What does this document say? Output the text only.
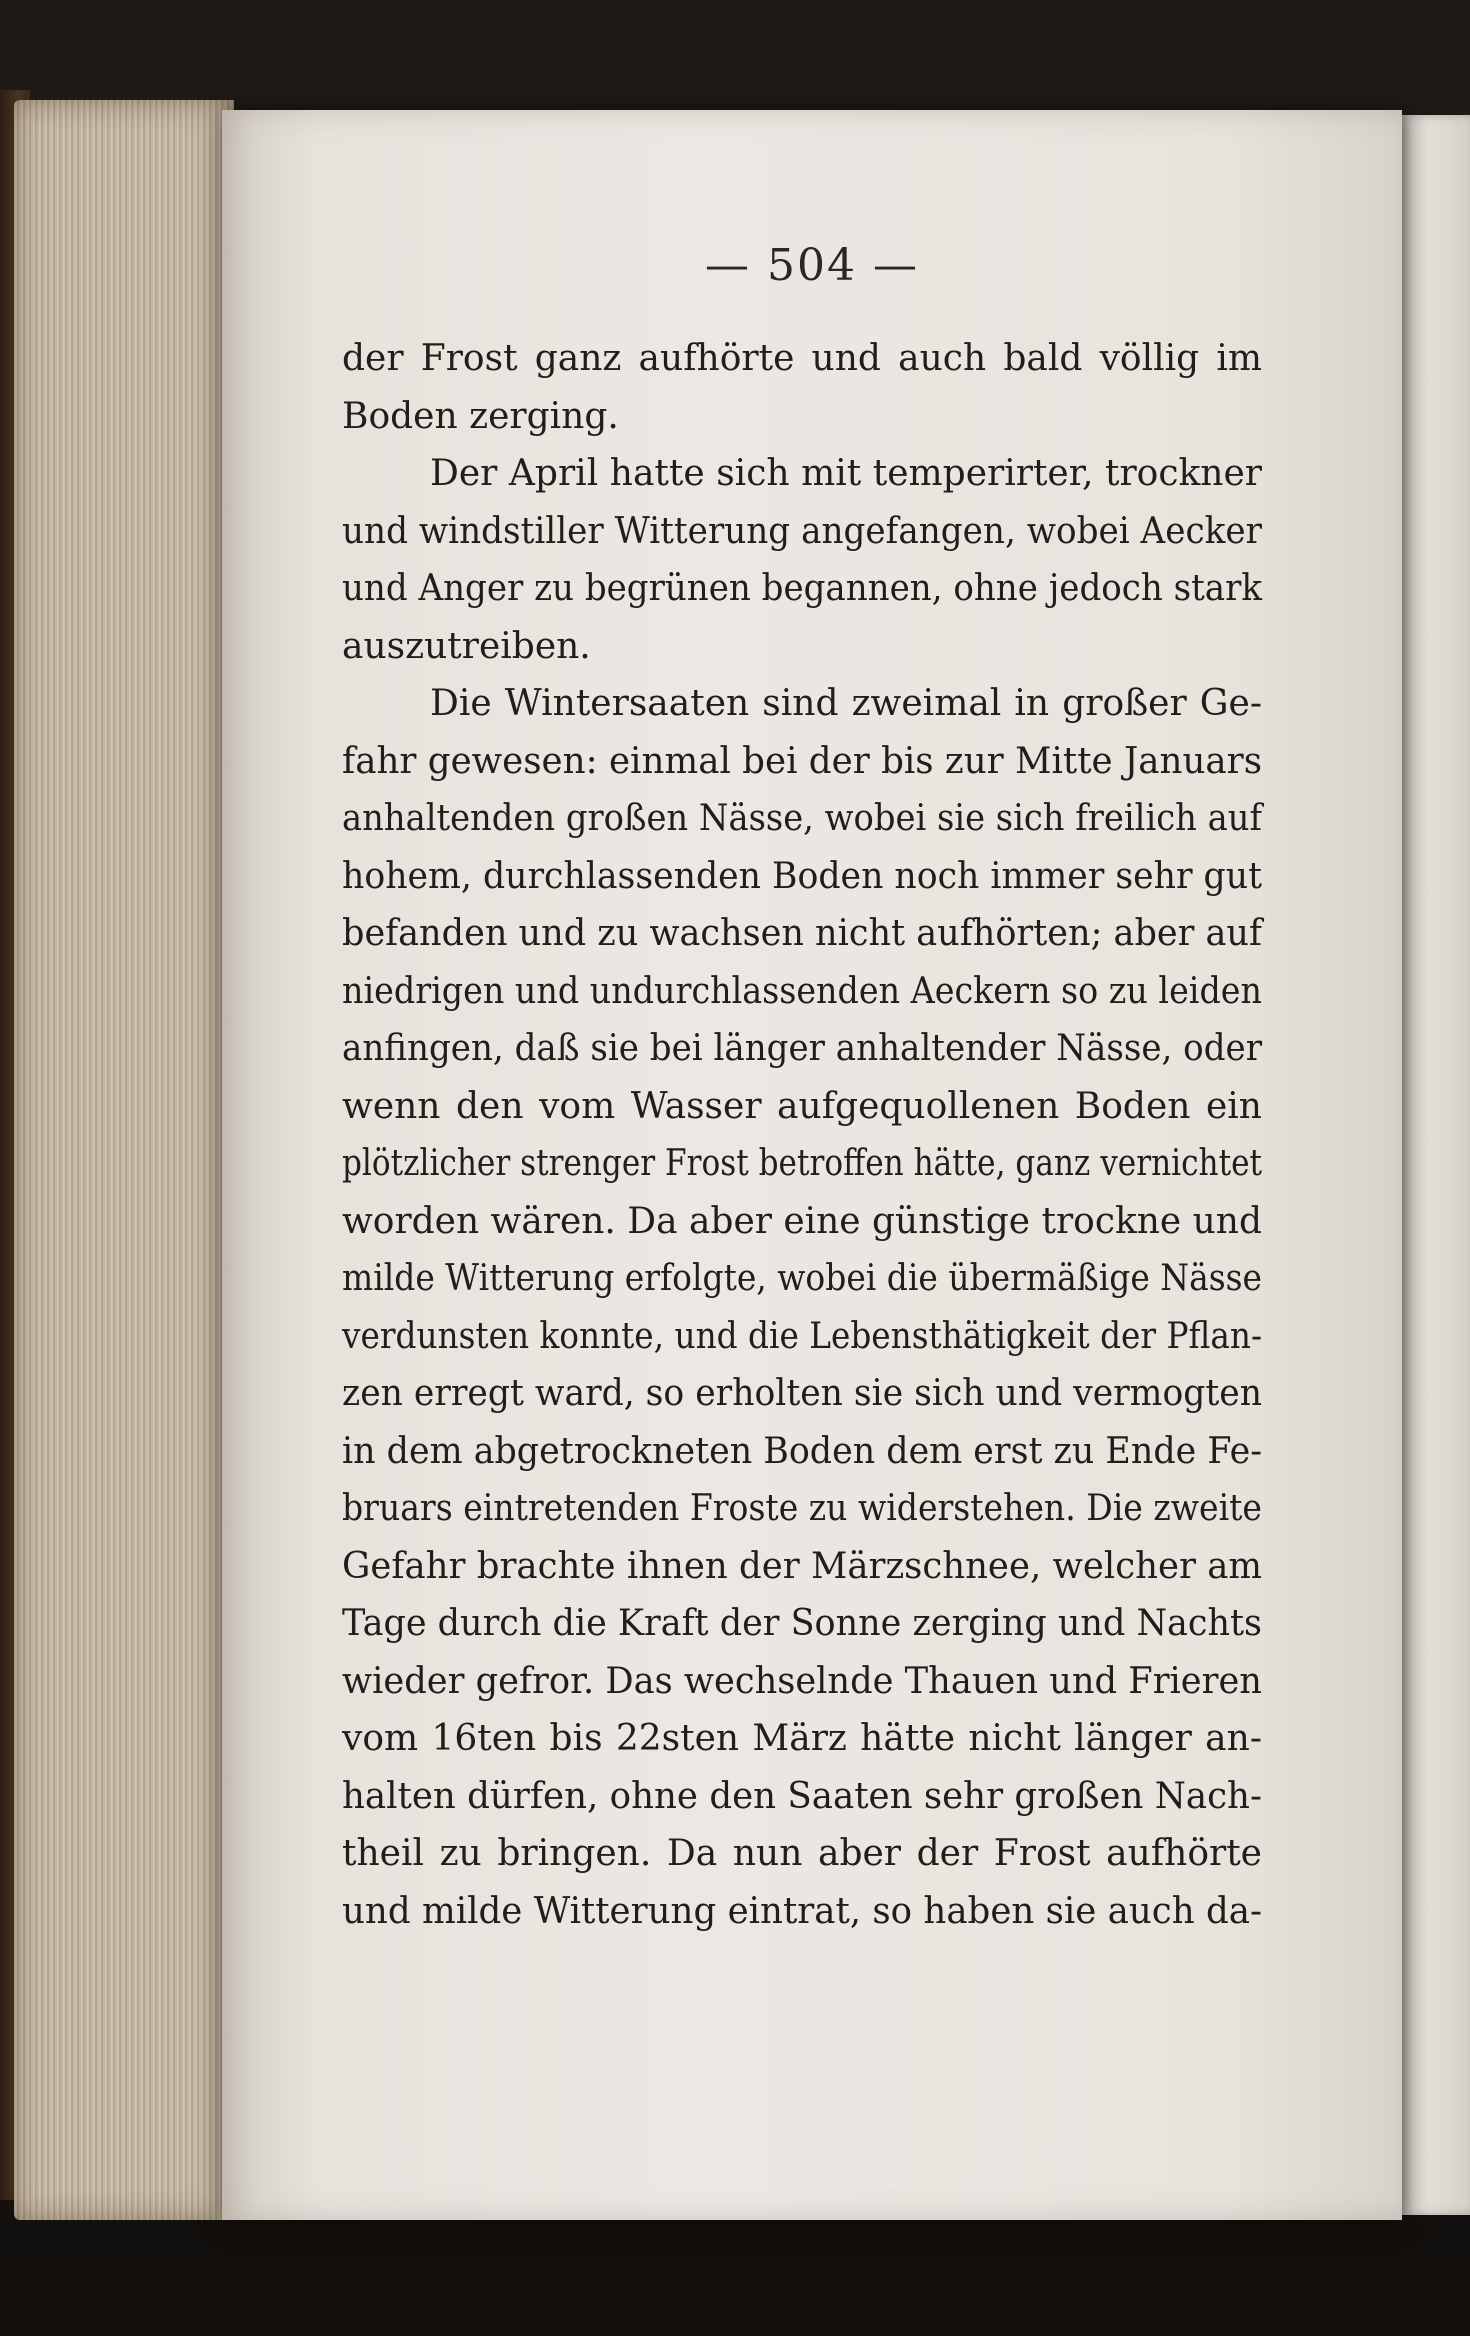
— 504 —
der Frost ganz aufhörte und auch bald völlig im
Boden zerging.
Der April hatte sich mit temperirter, trockner
und windstiller Witterung angefangen, wobei Aecker
und Anger zu begrünen begannen, ohne jedoch stark
auszutreiben.
Die Wintersaaten sind zweimal in großer Ge-
fahr gewesen: einmal bei der bis zur Mitte Januars
anhaltenden großen Nässe, wobei sie sich freilich auf
hohem, durchlassenden Boden noch immer sehr gut
befanden und zu wachsen nicht aufhörten; aber auf
niedrigen und undurchlassenden Aeckern so zu leiden
anfingen, daß sie bei länger anhaltender Nässe, oder
wenn den vom Wasser aufgequollenen Boden ein
plötzlicher strenger Frost betroffen hätte, ganz vernichtet
worden wären. Da aber eine günstige trockne und
milde Witterung erfolgte, wobei die übermäßige Nässe
verdunsten konnte, und die Lebensthätigkeit der Pflan-
zen erregt ward, so erholten sie sich und vermogten
in dem abgetrockneten Boden dem erst zu Ende Fe-
bruars eintretenden Froste zu widerstehen. Die zweite
Gefahr brachte ihnen der Märzschnee, welcher am
Tage durch die Kraft der Sonne zerging und Nachts
wieder gefror. Das wechselnde Thauen und Frieren
vom 16ten bis 22sten März hätte nicht länger an-
halten dürfen, ohne den Saaten sehr großen Nach-
theil zu bringen. Da nun aber der Frost aufhörte
und milde Witterung eintrat, so haben sie auch da-
